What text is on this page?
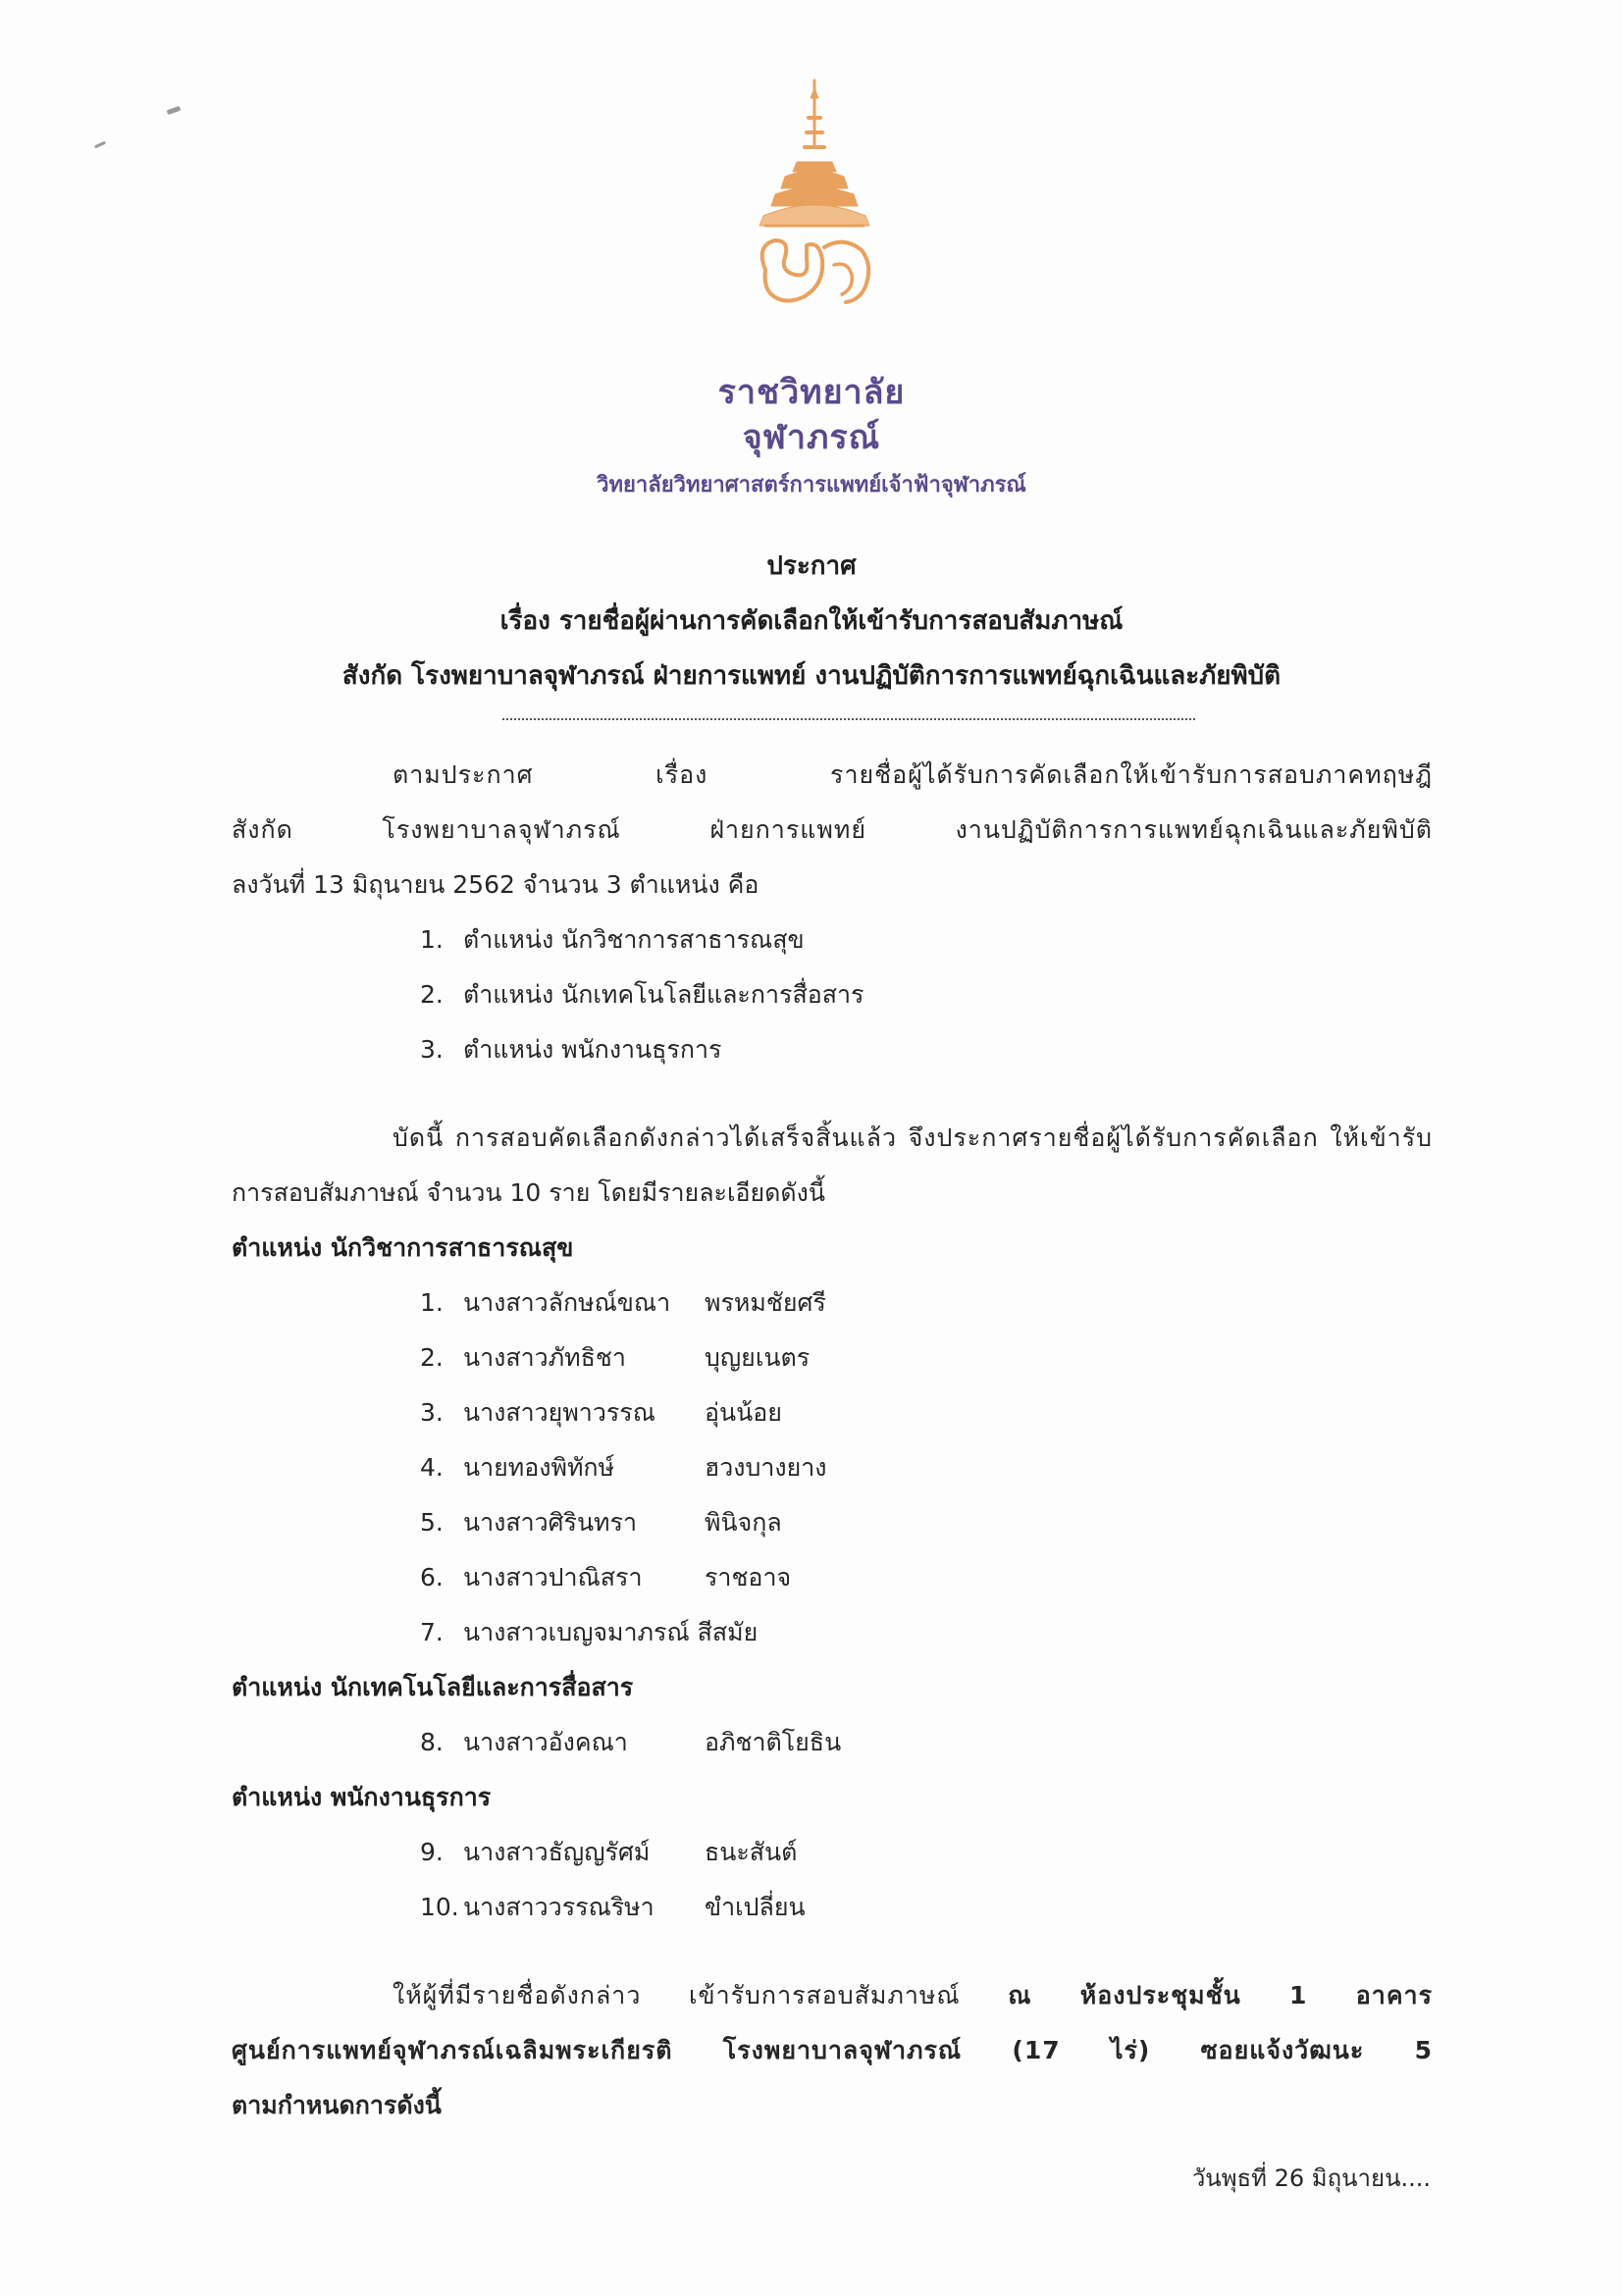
ราชวิทยาลัย
จุฬาภรณ์
วิทยาลัยวิทยาศาสตร์การแพทย์เจ้าฟ้าจุฬาภรณ์
ประกาศ
เรื่อง รายชื่อผู้ผ่านการคัดเลือกให้เข้ารับการสอบสัมภาษณ์
สังกัด โรงพยาบาลจุฬาภรณ์ ฝ่ายการแพทย์ งานปฏิบัติการการแพทย์ฉุกเฉินและภัยพิบัติ
ตามประกาศ เรื่อง รายชื่อผู้ได้รับการคัดเลือกให้เข้ารับการสอบภาคทฤษฎี
สังกัด โรงพยาบาลจุฬาภรณ์ ฝ่ายการแพทย์ งานปฏิบัติการการแพทย์ฉุกเฉินและภัยพิบัติ
ลงวันที่ 13 มิถุนายน 2562 จำนวน 3 ตำแหน่ง คือ
1. ตำแหน่ง นักวิชาการสาธารณสุข
2. ตำแหน่ง นักเทคโนโลยีและการสื่อสาร
3. ตำแหน่ง พนักงานธุรการ
บัดนี้ การสอบคัดเลือกดังกล่าวได้เสร็จสิ้นแล้ว จึงประกาศรายชื่อผู้ได้รับการคัดเลือก ให้เข้ารับ
การสอบสัมภาษณ์ จำนวน 10 ราย โดยมีรายละเอียดดังนี้
ตำแหน่ง นักวิชาการสาธารณสุข
1. นางสาวลักษณ์ขณา พรหมชัยศรี
2. นางสาวภัทธิชา	บุญยเนตร
3. นางสาวยุพาวรรณ อุ่นน้อย
4. นายทองพิทักษ์	ฮวงบางยาง
5. นางสาวศิรินทรา	พินิจกุล
6. นางสาวปาณิสรา	ราชอาจ
7. นางสาวเบญจมาภรณ์ สีสมัย
ตำแหน่ง นักเทคโนโลยีและการสื่อสาร
8. นางสาวอังคณา	อภิชาติโยธิน
ตำแหน่ง พนักงานธุรการ
9. นางสาวธัญญรัศม์ ธนะสันต์
10. นางสาววรรณริษา ขำเปลี่ยน
ให้ผู้ที่มีรายชื่อดังกล่าว เข้ารับการสอบสัมภาษณ์ ณ ห้องประชุมชั้น 1 อาคาร
ศูนย์การแพทย์จุฬาภรณ์เฉลิมพระเกียรติ โรงพยาบาลจุฬาภรณ์ (17 ไร่) ซอยแจ้งวัฒนะ 5
ตามกำหนดการดังนี้
วันพุธที่ 26 มิถุนายน....
